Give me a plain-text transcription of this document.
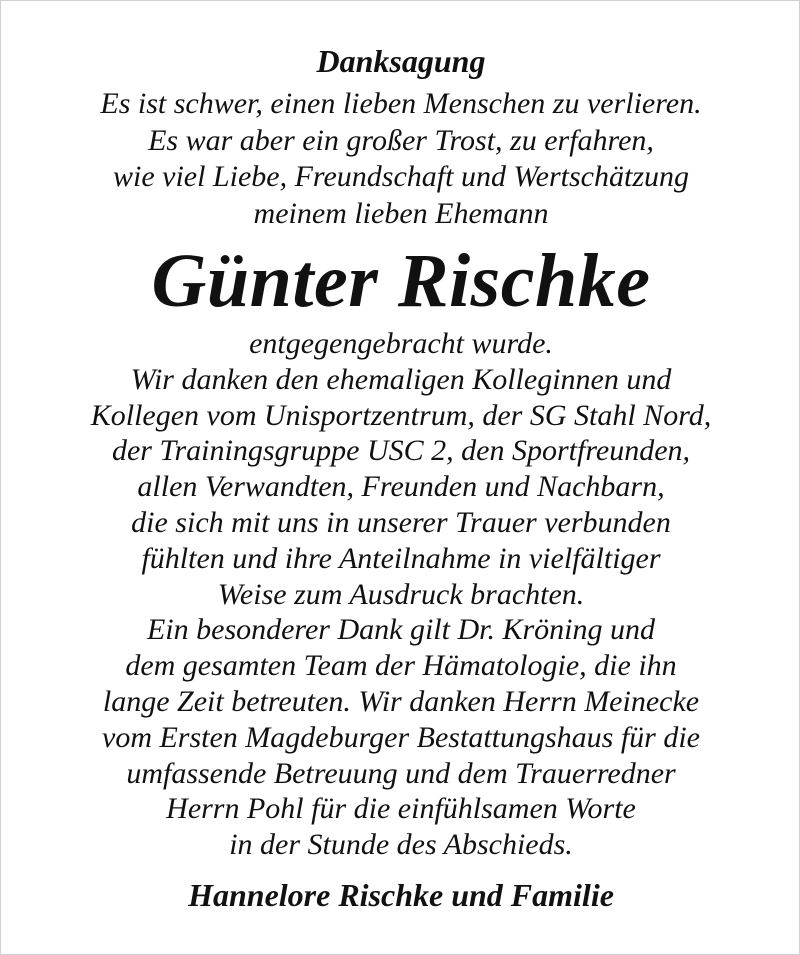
Danksagung
Es ist schwer, einen lieben Menschen zu verlieren.
Es war aber ein großer Trost, zu erfahren,
wie viel Liebe, Freundschaft und Wertschätzung
meinem lieben Ehemann
Günter Rischke
entgegengebracht wurde.
Wir danken den ehemaligen Kolleginnen und
Kollegen vom Unisportzentrum, der SG Stahl Nord,
der Trainingsgruppe USC 2, den Sportfreunden,
allen Verwandten, Freunden und Nachbarn,
die sich mit uns in unserer Trauer verbunden
fühlten und ihre Anteilnahme in vielfältiger
Weise zum Ausdruck brachten.
Ein besonderer Dank gilt Dr. Kröning und
dem gesamten Team der Hämatologie, die ihn
lange Zeit betreuten. Wir danken Herrn Meinecke
vom Ersten Magdeburger Bestattungshaus für die
umfassende Betreuung und dem Trauerredner
Herrn Pohl für die einfühlsamen Worte
in der Stunde des Abschieds.
Hannelore Rischke und Familie
